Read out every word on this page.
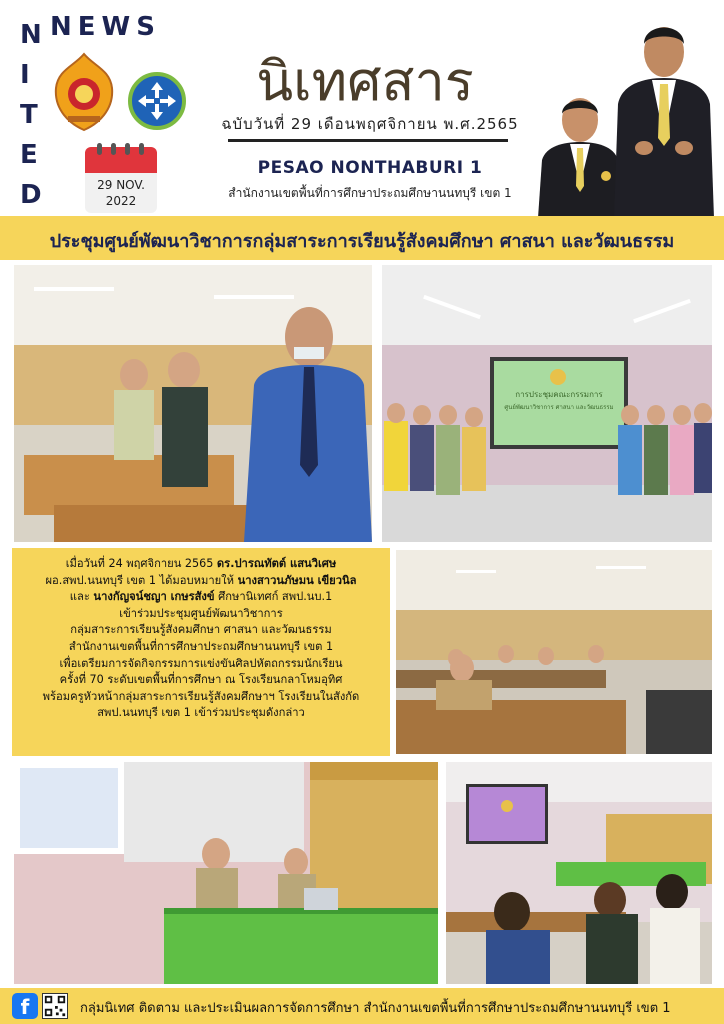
N
I
T
E
D
NEWS
29 NOV.
2022
นิเทศสาร
ฉบับวันที่ 29 เดือนพฤศจิกายน พ.ศ.2565
PESAO NONTHABURI 1
สำนักงานเขตพื้นที่การศึกษาประถมศึกษานนทบุรี เขต 1
ประชุมศูนย์พัฒนาวิชาการกลุ่มสาระการเรียนรู้สังคมศึกษา ศาสนา และวัฒนธรรม
การประชุมคณะกรรมการ
ศูนย์พัฒนาวิชาการ ศาสนา และวัฒนธรรม

เมื่อวันที่ 24 พฤศจิกายน 2565 ดร.ปารณทัตต์ แสนวิเศษ

ผอ.สพป.นนทบุรี เขต 1 ได้มอบหมายให้ นางสาวนภัษมน เขียวนิล

และ นางกัญจน์ชญา เกษรสังข์ ศึกษานิเทศก์ สพป.นบ.1

เข้าร่วมประชุมศูนย์พัฒนาวิชาการ

กลุ่มสาระการเรียนรู้สังคมศึกษา ศาสนา และวัฒนธรรม

สำนักงานเขตพื้นที่การศึกษาประถมศึกษานนทบุรี เขต 1

เพื่อเตรียมการจัดกิจกรรมการแข่งขันศิลปหัตถกรรมนักเรียน

ครั้งที่ 70 ระดับเขตพื้นที่การศึกษา ณ โรงเรียนกลาโหมอุทิศ

พร้อมครูหัวหน้ากลุ่มสาระการเรียนรู้สังคมศึกษาฯ โรงเรียนในสังกัด

สพป.นนทบุรี เขต 1 เข้าร่วมประชุมดังกล่าว

f	กลุ่มนิเทศ ติดตาม และประเมินผลการจัดการศึกษา สำนักงานเขตพื้นที่การศึกษาประถมศึกษานนทบุรี เขต 1
